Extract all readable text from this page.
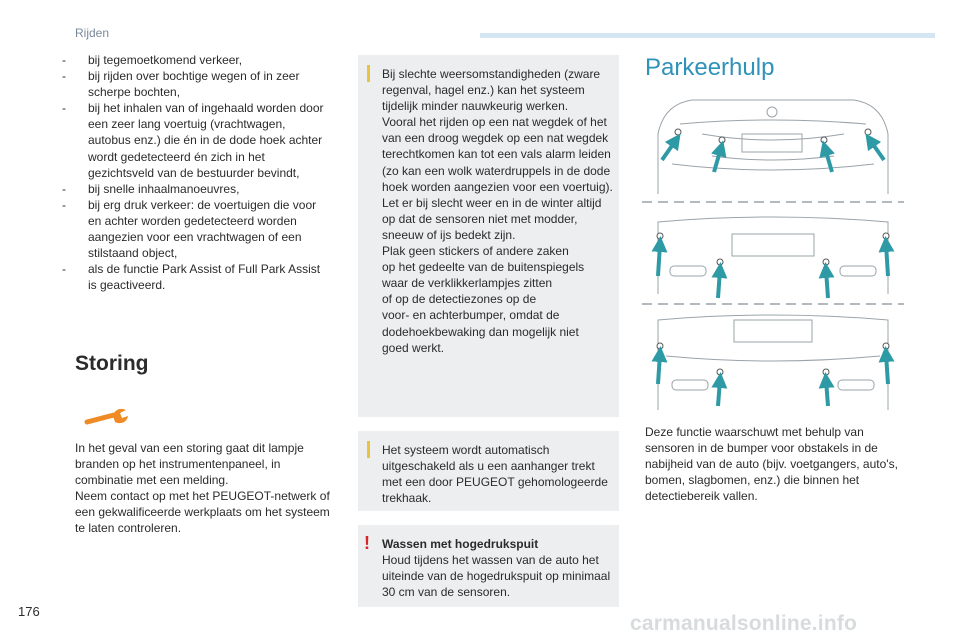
Rijden
- bij tegemoetkomend verkeer,
- bij rijden over bochtige wegen of in zeer scherpe bochten,
- bij het inhalen van of ingehaald worden door een zeer lang voertuig (vrachtwagen, autobus enz.) die én in de dode hoek achter wordt gedetecteerd én zich in het gezichtsveld van de bestuurder bevindt,
- bij snelle inhaalmanoeuvres,
- bij erg druk verkeer: de voertuigen die voor en achter worden gedetecteerd worden aangezien voor een vrachtwagen of een stilstaand object,
- als de functie Park Assist of Full Park Assist is geactiveerd.
Storing

In het geval van een storing gaat dit lampje branden op het instrumentenpaneel, in combinatie met een melding.
Neem contact op met het PEUGEOT-netwerk of een gekwalificeerde werkplaats om het systeem te laten controleren.

Bij slechte weersomstandigheden (zware regenval, hagel enz.) kan het systeem tijdelijk minder nauwkeurig werken.
Vooral het rijden op een nat wegdek of het van een droog wegdek op een nat wegdek terechtkomen kan tot een vals alarm leiden (zo kan een wolk waterdruppels in de dode hoek worden aangezien voor een voertuig).
Let er bij slecht weer en in de winter altijd op dat de sensoren niet met modder, sneeuw of ijs bedekt zijn.
Plak geen stickers of andere zaken
op het gedeelte van de buitenspiegels
waar de verklikkerlampjes zitten
of op de detectiezones op de
voor- en achterbumper, omdat de
dodehoekbewaking dan mogelijk niet
goed werkt.

Het systeem wordt automatisch uitgeschakeld als u een aanhanger trekt met een door PEUGEOT gehomologeerde trekhaak.

! Wassen met hogedrukspuit
Houd tijdens het wassen van de auto het uiteinde van de hogedrukspuit op minimaal 30 cm van de sensoren.

Parkeerhulp

Deze functie waarschuwt met behulp van sensoren in de bumper voor obstakels in de nabijheid van de auto (bijv. voetgangers, auto's, bomen, slagbomen, enz.) die binnen het detectiebereik vallen.

176
carmanualsonline.info
